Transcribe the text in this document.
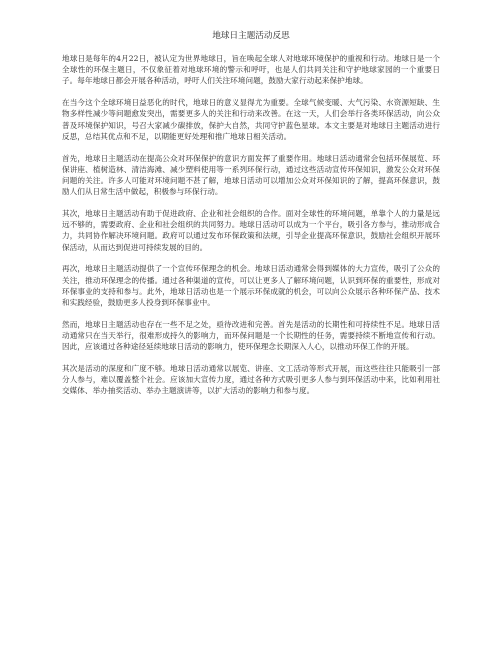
地球日主题活动反思

地球日是每年的4月22日，被认定为世界地球日，旨在唤起全球人对地球环境保护的重视和行动。地球日是一个全球性的环保主题日，不仅象征着对地球环境的警示和呼吁，也是人们共同关注和守护地球家园的一个重要日子。每年地球日都会开展各种活动，呼吁人们关注环境问题，鼓励大家行动起来保护地球。

在当今这个全球环境日益恶化的时代，地球日的意义显得尤为重要。全球气候变暖、大气污染、水资源短缺、生物多样性减少等问题愈发突出，需要更多人的关注和行动来改善。在这一天，人们会举行各类环保活动，向公众普及环境保护知识，号召大家减少碳排放，保护大自然，共同守护蓝色星球。本文主要是对地球日主题活动进行反思，总结其优点和不足，以期能更好处理和推广地球日相关活动。

首先，地球日主题活动在提高公众对环保保护的意识方面发挥了重要作用。地球日活动通常会包括环保展览、环保讲座、植树造林、清洁海滩、减少塑料使用等一系列环保行动，通过这些活动宣传环保知识，激发公众对环保问题的关注。许多人可能对环境问题不甚了解，地球日活动可以增加公众对环保知识的了解，提高环保意识，鼓励人们从日常生活中做起，积极参与环保行动。

其次，地球日主题活动有助于促进政府、企业和社会组织的合作。面对全球性的环境问题，单靠个人的力量是远远不够的，需要政府、企业和社会组织的共同努力。地球日活动可以成为一个平台，吸引各方参与，推动形成合力，共同协作解决环境问题。政府可以通过发布环保政策和法规，引导企业提高环保意识，鼓励社会组织开展环保活动，从而达到促进可持续发展的目的。

再次，地球日主题活动提供了一个宣传环保理念的机会。地球日活动通常会得到媒体的大力宣传，吸引了公众的关注，推动环保理念的传播。通过各种渠道的宣传，可以让更多人了解环境问题，认识到环保的重要性，形成对环保事业的支持和参与。此外，地球日活动也是一个展示环保成就的机会，可以向公众展示各种环保产品、技术和实践经验，鼓励更多人投身到环保事业中。

然而，地球日主题活动也存在一些不足之处，亟待改进和完善。首先是活动的长期性和可持续性不足。地球日活动通常只在当天举行，很难形成持久的影响力，而环保问题是一个长期性的任务，需要持续不断地宣传和行动。因此，应该通过各种途径延续地球日活动的影响力，使环保理念长期深入人心，以推动环保工作的开展。

其次是活动的深度和广度不够。地球日活动通常以展览、讲座、文工活动等形式开展，而这些往往只能吸引一部分人参与，难以覆盖整个社会。应该加大宣传力度，通过各种方式吸引更多人参与到环保活动中来，比如利用社交媒体、举办抽奖活动、举办主题演讲等，以扩大活动的影响力和参与度。
